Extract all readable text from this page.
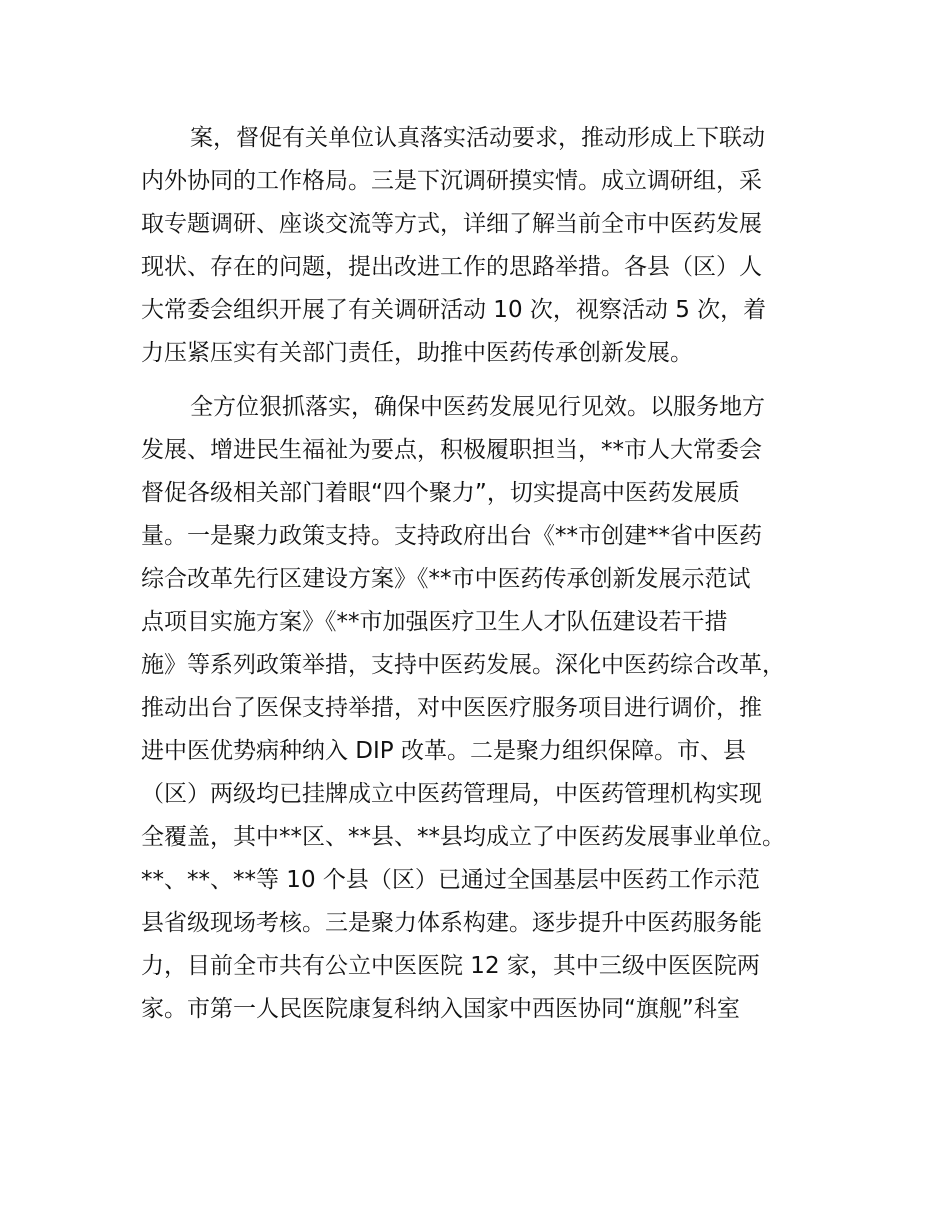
案，督促有关单位认真落实活动要求，推动形成上下联动
内外协同的工作格局。三是下沉调研摸实情。成立调研组，采
取专题调研、座谈交流等方式，详细了解当前全市中医药发展
现状、存在的问题，提出改进工作的思路举措。各县（区）人
大常委会组织开展了有关调研活动 10 次，视察活动 5 次，着
力压紧压实有关部门责任，助推中医药传承创新发展。
全方位狠抓落实，确保中医药发展见行见效。以服务地方
发展、增进民生福祉为要点，积极履职担当，**市人大常委会
督促各级相关部门着眼“四个聚力”，切实提高中医药发展质
量。一是聚力政策支持。支持政府出台《**市创建**省中医药
综合改革先行区建设方案》《**市中医药传承创新发展示范试
点项目实施方案》《**市加强医疗卫生人才队伍建设若干措
施》等系列政策举措，支持中医药发展。深化中医药综合改革，
推动出台了医保支持举措，对中医医疗服务项目进行调价，推
进中医优势病种纳入 DIP 改革。二是聚力组织保障。市、县
（区）两级均已挂牌成立中医药管理局，中医药管理机构实现
全覆盖，其中**区、**县、**县均成立了中医药发展事业单位。
**、**、**等 10 个县（区）已通过全国基层中医药工作示范
县省级现场考核。三是聚力体系构建。逐步提升中医药服务能
力，目前全市共有公立中医医院 12 家，其中三级中医医院两
家。市第一人民医院康复科纳入国家中西医协同“旗舰”科室
